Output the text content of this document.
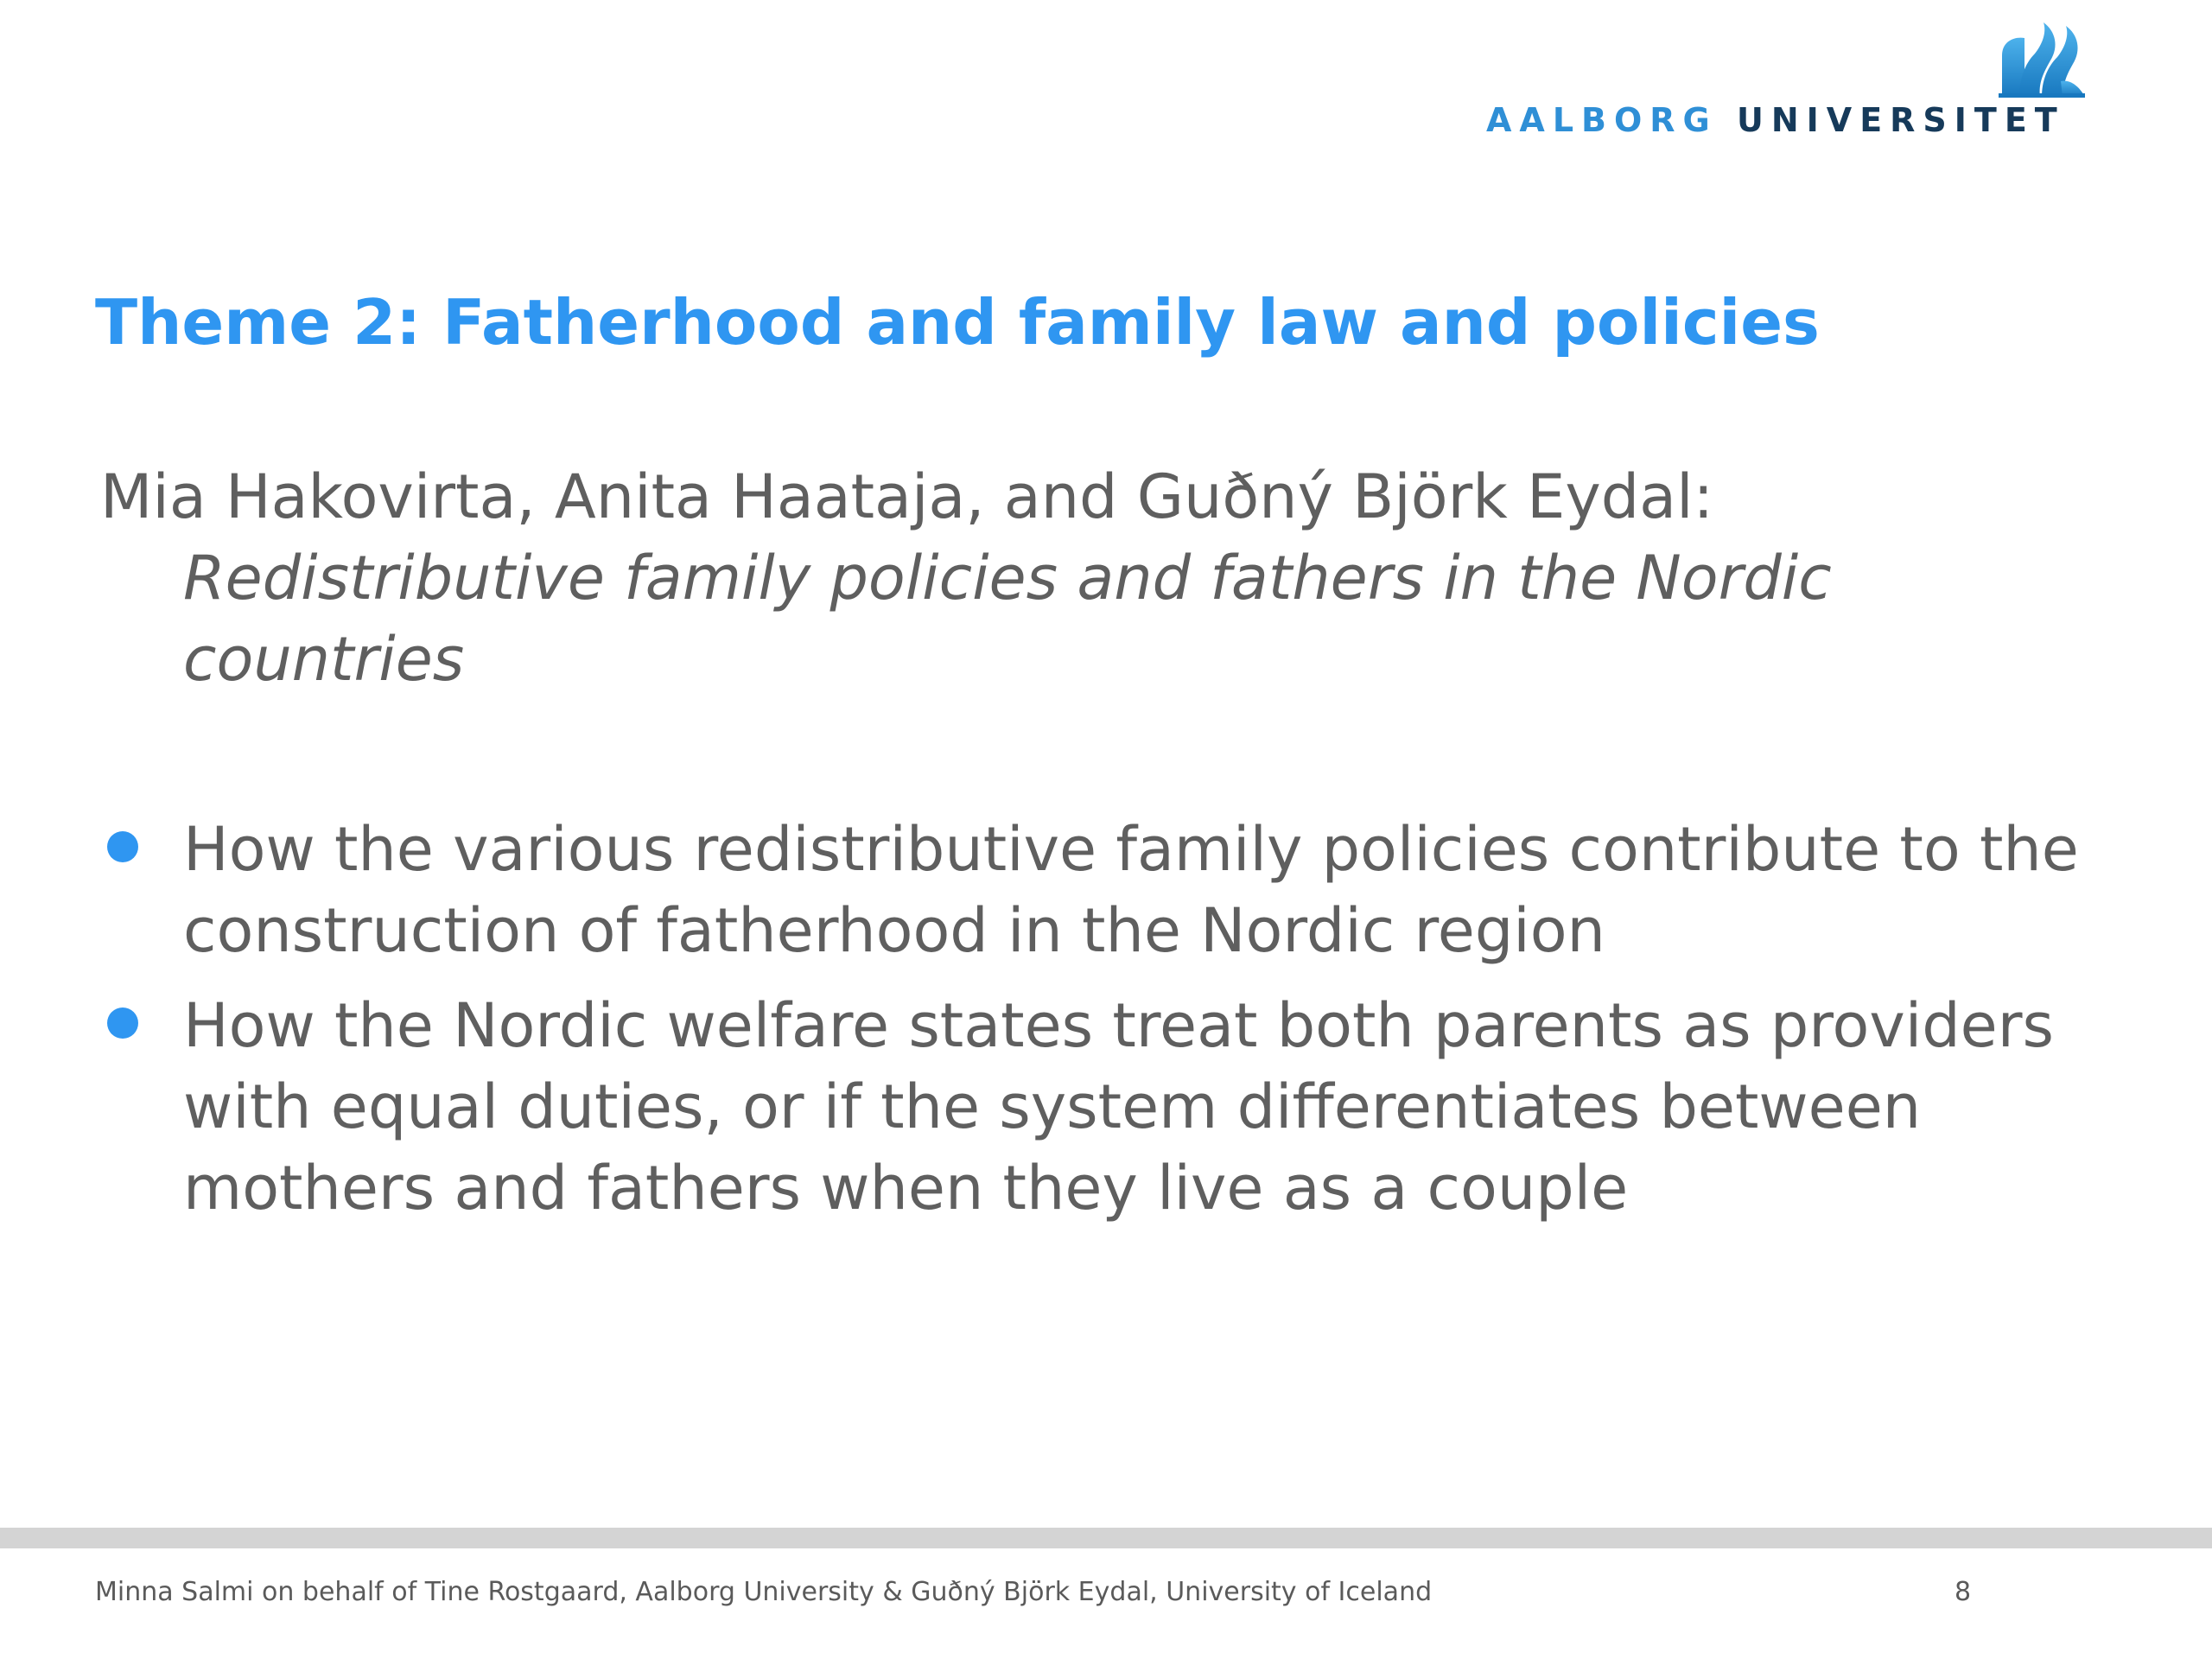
AALBORG UNIVERSITET
Theme 2: Fatherhood and family law and policies
Mia Hakovirta, Anita Haataja, and Guðný Björk Eydal:
Redistributive family policies and fathers in the Nordic countries
How the various redistributive family policies contribute to the construction of fatherhood in the Nordic region
How the Nordic welfare states treat both parents as providers with equal duties, or if the system differentiates between mothers and fathers when they live as a couple
Minna Salmi on behalf of Tine Rostgaard, Aalborg University & Guðný Björk Eydal, University of Iceland	8
